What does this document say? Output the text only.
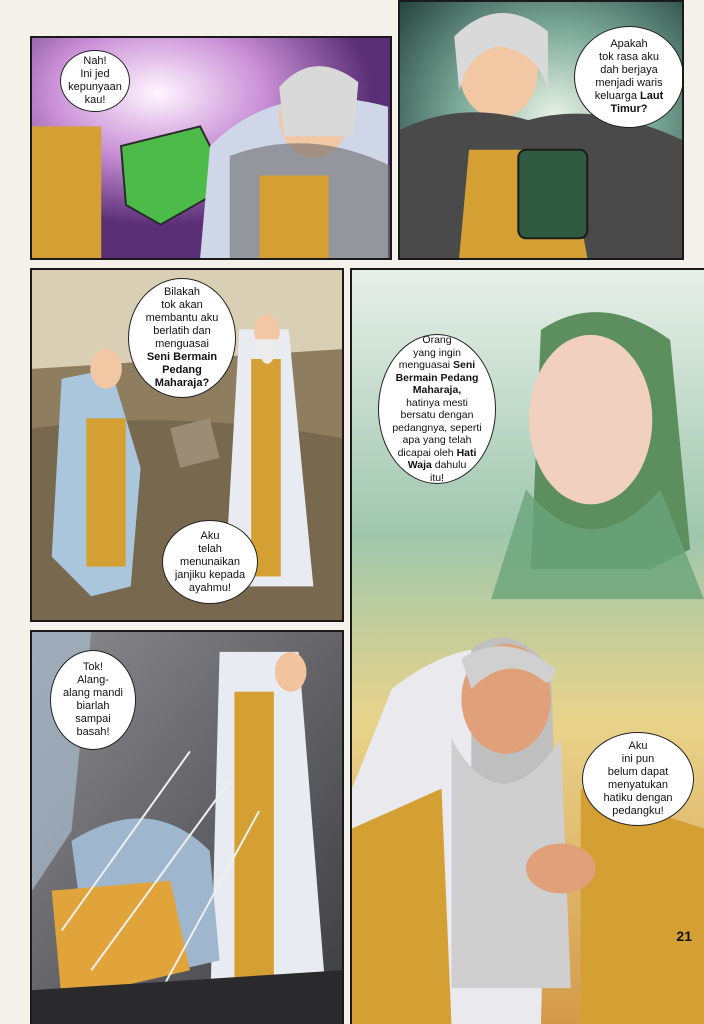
Nah!
Ini jed
kepunyaan
kau!
Apakah
tok rasa aku
dah berjaya
menjadi waris
keluarga Laut
Timur?
Bilakah
tok akan
membantu aku
berlatih dan
menguasai
Seni Bermain
Pedang
Maharaja?
Aku
telah
menunaikan
janjiku kepada
ayahmu!
Orang
yang ingin
menguasai Seni
Bermain Pedang
Maharaja,
hatinya mesti
bersatu dengan
pedangnya, seperti
apa yang telah
dicapai oleh Hati
Waja dahulu
itu!
Aku
ini pun
belum dapat
menyatukan
hatiku dengan
pedangku!
21
Tok!
Alang-
alang mandi
biarlah
sampai
basah!
